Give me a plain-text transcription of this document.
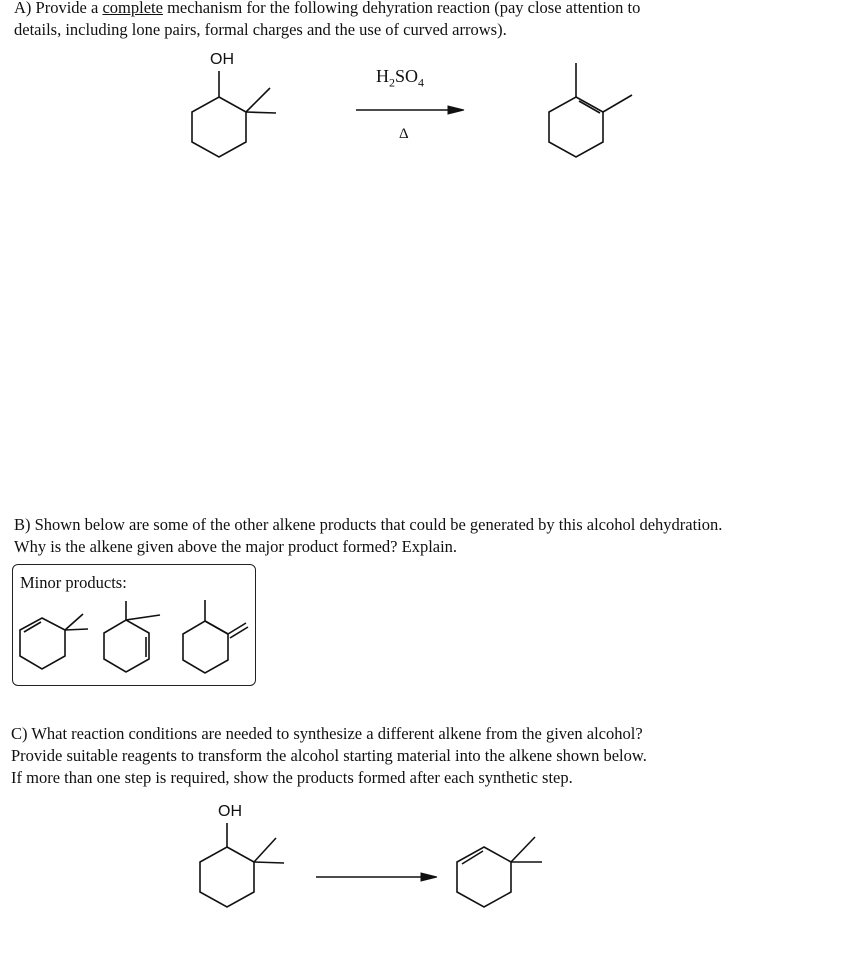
A) Provide a complete mechanism for the following dehyration reaction (pay close attention to
details, including lone pairs, formal charges and the use of curved arrows).
OH
$H_2SO_4$
Δ
B) Shown below are some of the other alkene products that could be generated by this alcohol dehydration.
Why is the alkene given above the major product formed? Explain.
Minor products:
C) What reaction conditions are needed to synthesize a different alkene from the given alcohol?
Provide suitable reagents to transform the alcohol starting material into the alkene shown below.
If more than one step is required, show the products formed after each synthetic step.
OH
